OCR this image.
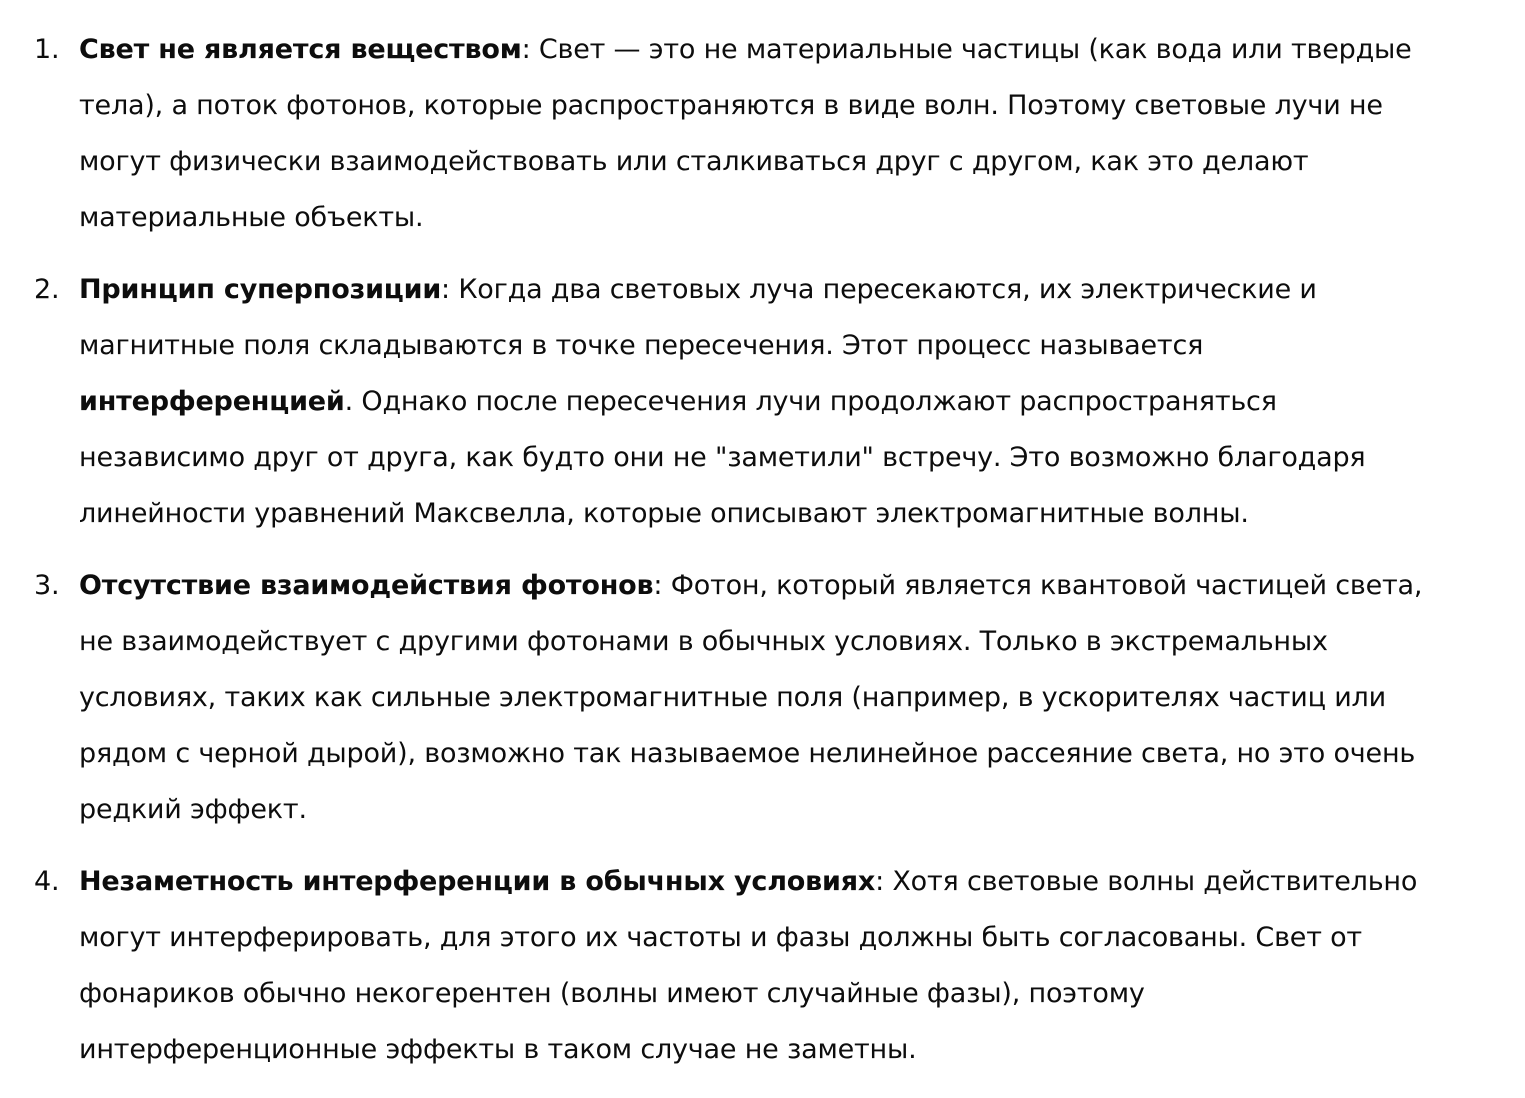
1. Свет не является веществом: Свет — это не материальные частицы (как вода или твердые тела), а поток фотонов, которые распространяются в виде волн. Поэтому световые лучи не могут физически взаимодействовать или сталкиваться друг с другом, как это делают материальные объекты.
2. Принцип суперпозиции: Когда два световых луча пересекаются, их электрические и магнитные поля складываются в точке пересечения. Этот процесс называется интерференцией. Однако после пересечения лучи продолжают распространяться независимо друг от друга, как будто они не "заметили" встречу. Это возможно благодаря линейности уравнений Максвелла, которые описывают электромагнитные волны.
3. Отсутствие взаимодействия фотонов: Фотон, который является квантовой частицей света, не взаимодействует с другими фотонами в обычных условиях. Только в экстремальных условиях, таких как сильные электромагнитные поля (например, в ускорителях частиц или рядом с черной дырой), возможно так называемое нелинейное рассеяние света, но это очень редкий эффект.
4. Незаметность интерференции в обычных условиях: Хотя световые волны действительно могут интерферировать, для этого их частоты и фазы должны быть согласованы. Свет от фонариков обычно некогерентен (волны имеют случайные фазы), поэтому интерференционные эффекты в таком случае не заметны.
